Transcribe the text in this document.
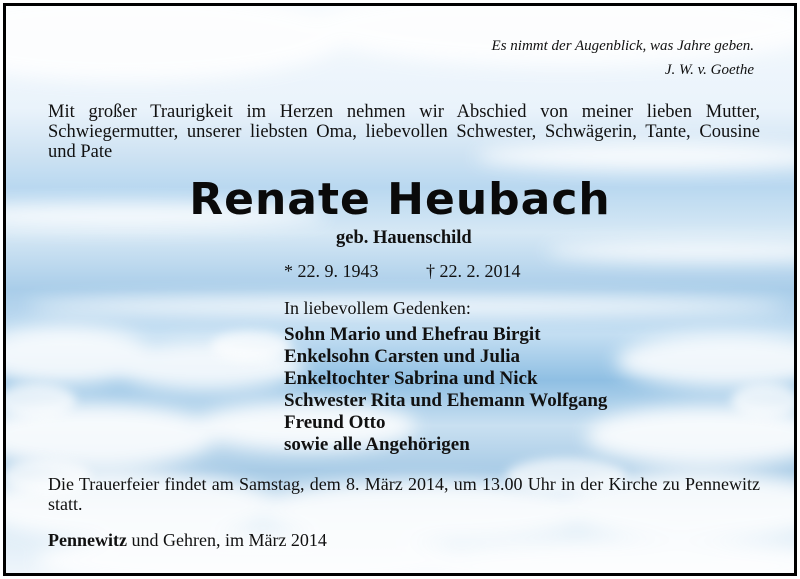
Es nimmt der Augenblick, was Jahre geben.
J. W. v. Goethe
Mit großer Traurigkeit im Herzen nehmen wir Abschied von meiner lieben Mutter, Schwiegermutter, unserer liebsten Oma, liebevollen Schwester, Schwägerin, Tante, Cousine und Pate
Renate Heubach
geb. Hauenschild
* 22. 9. 1943	† 22. 2. 2014
In liebevollem Gedenken:
Sohn Mario und Ehefrau Birgit
Enkelsohn Carsten und Julia
Enkeltochter Sabrina und Nick
Schwester Rita und Ehemann Wolfgang
Freund Otto
sowie alle Angehörigen
Die Trauerfeier findet am Samstag, dem 8. März 2014, um 13.00 Uhr in der Kirche zu Pennewitz statt.
Pennewitz und Gehren, im März 2014
